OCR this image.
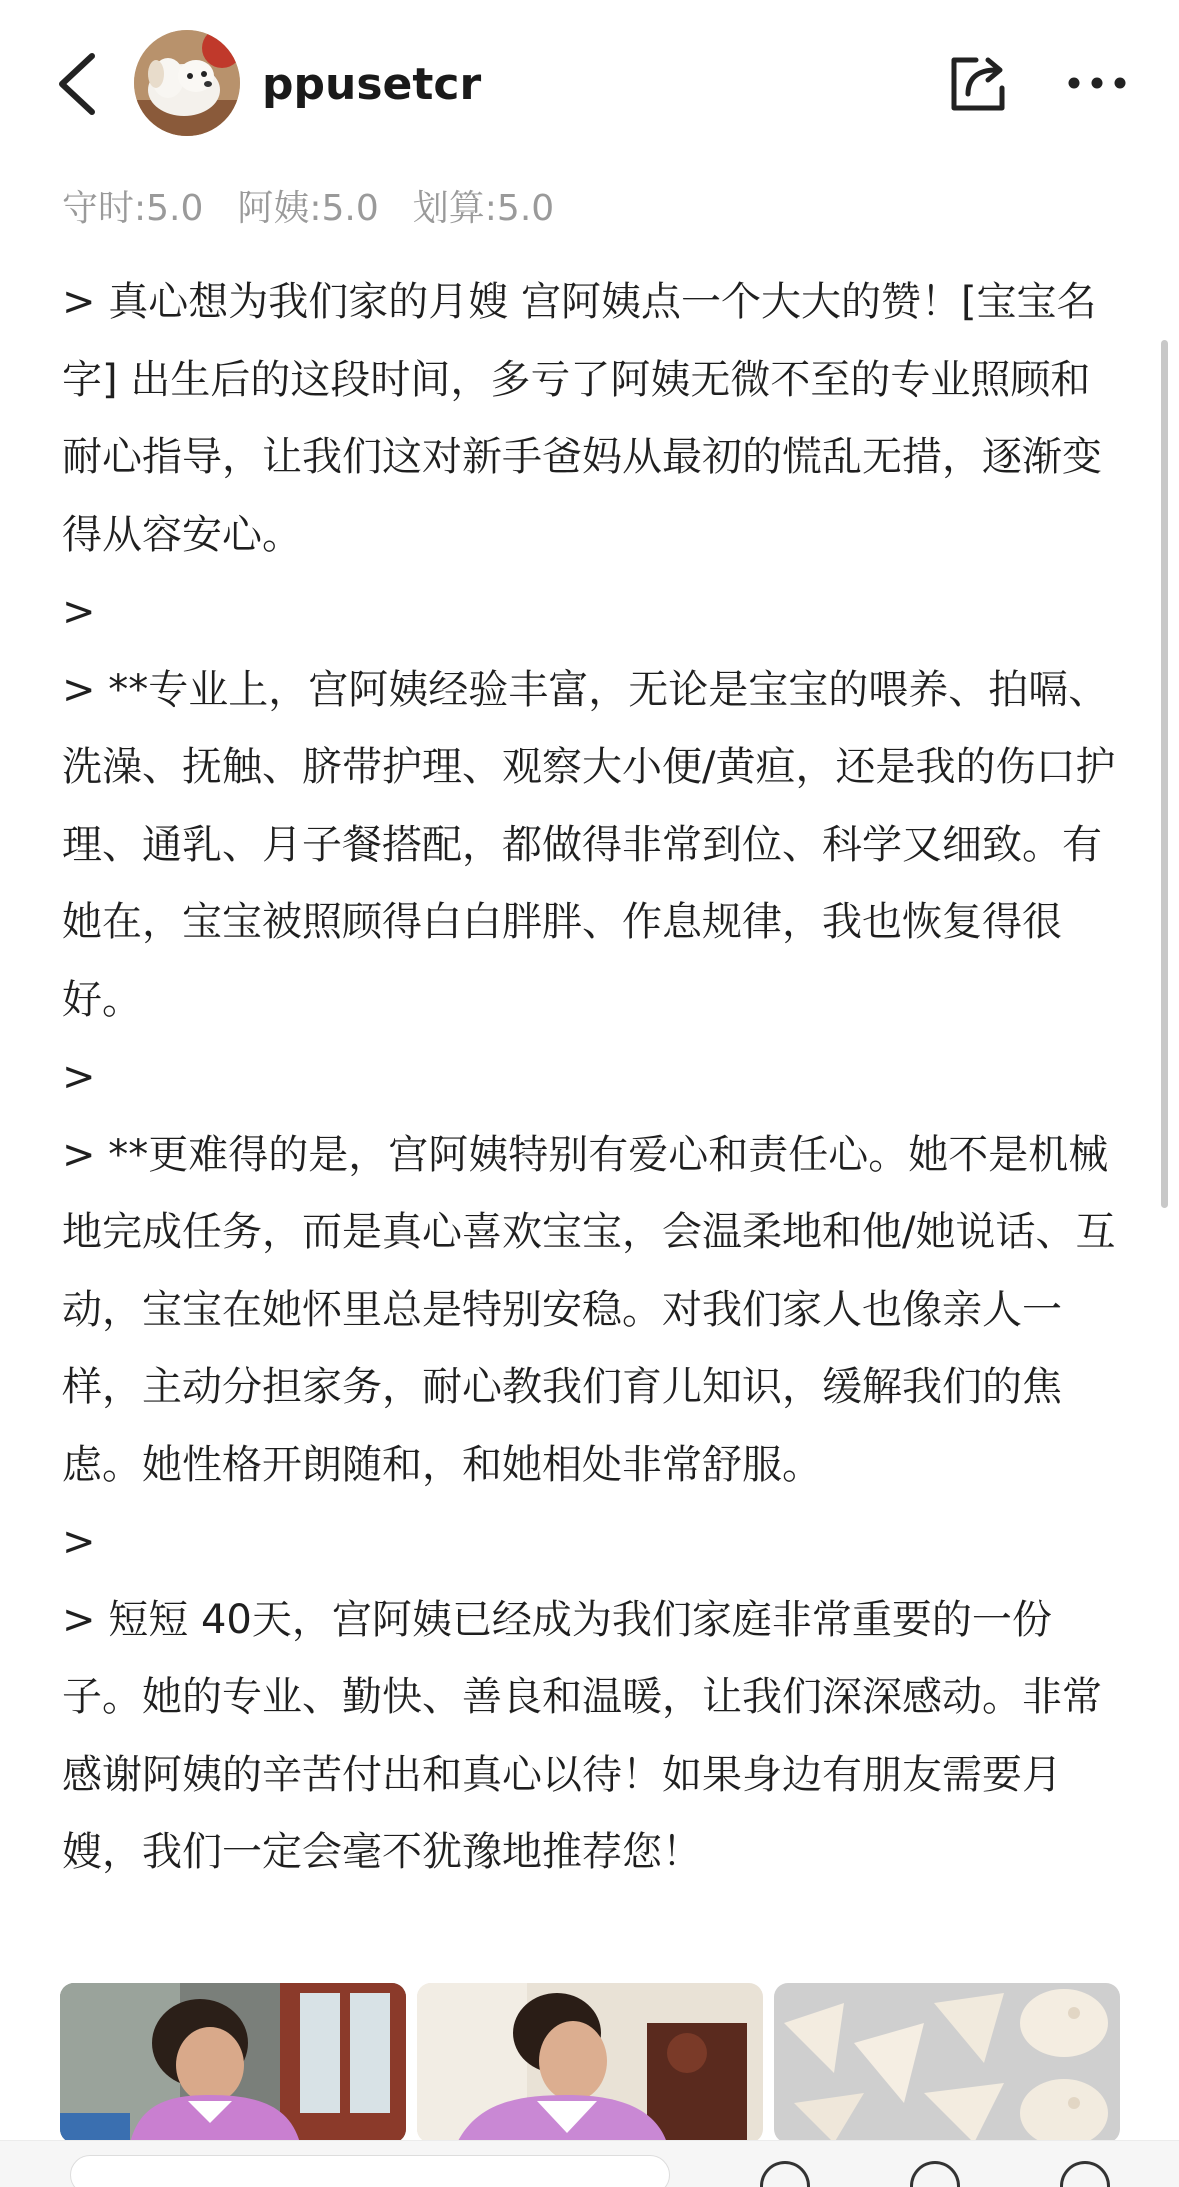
ppusetcr
守时:5.0 阿姨:5.0 划算:5.0

> 真心想为我们家的月嫂 宫阿姨点一个大大的赞！[宝宝名字] 出生后的这段时间，多亏了阿姨无微不至的专业照顾和耐心指导，让我们这对新手爸妈从最初的慌乱无措，逐渐变得从容安心。

>

> **专业上，宫阿姨经验丰富，无论是宝宝的喂养、拍嗝、洗澡、抚触、脐带护理、观察大小便/黄疸，还是我的伤口护理、通乳、月子餐搭配，都做得非常到位、科学又细致。有她在，宝宝被照顾得白白胖胖、作息规律，我也恢复得很好。

>

> **更难得的是，宫阿姨特别有爱心和责任心。她不是机械地完成任务，而是真心喜欢宝宝，会温柔地和他/她说话、互动，宝宝在她怀里总是特别安稳。对我们家人也像亲人一样，主动分担家务，耐心教我们育儿知识，缓解我们的焦虑。她性格开朗随和，和她相处非常舒服。

>

> 短短 40天，宫阿姨已经成为我们家庭非常重要的一份子。她的专业、勤快、善良和温暖，让我们深深感动。非常感谢阿姨的辛苦付出和真心以待！如果身边有朋友需要月嫂，我们一定会毫不犹豫地推荐您！
